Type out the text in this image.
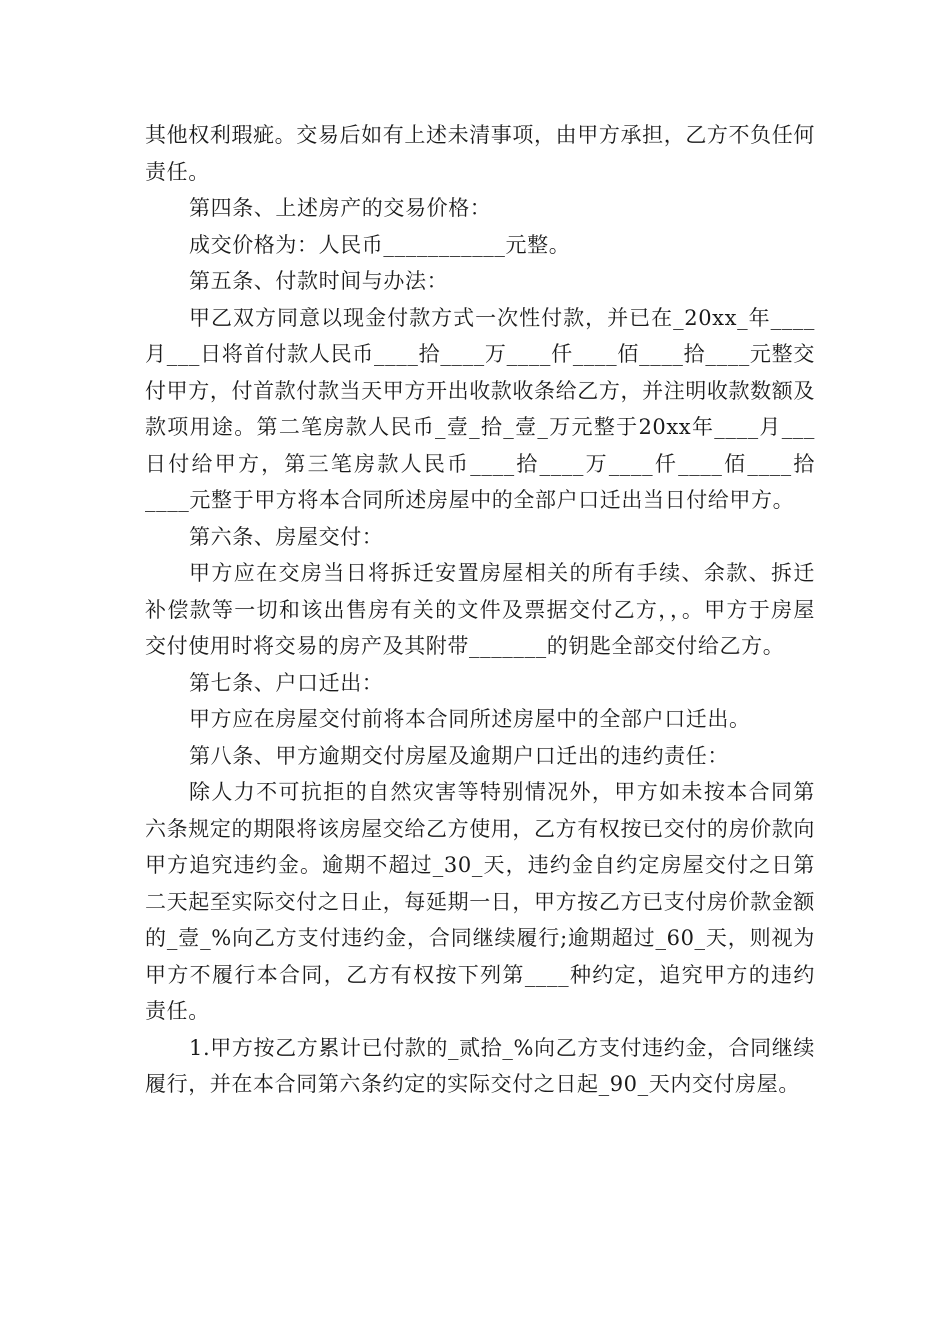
其他权利瑕疵。交易后如有上述未清事项，由甲方承担，乙方不负任何责任。

第四条、上述房产的交易价格：

成交价格为：人民币___________元整。

第五条、付款时间与办法：

甲乙双方同意以现金付款方式一次性付款，并已在_20xx_年____月___日将首付款人民币____拾____万____仟____佰____拾____元整交付甲方，付首款付款当天甲方开出收款收条给乙方，并注明收款数额及款项用途。第二笔房款人民币_壹_拾_壹_万元整于20xx年____月___日付给甲方，第三笔房款人民币____拾____万____仟____佰____拾____元整于甲方将本合同所述房屋中的全部户口迁出当日付给甲方。

第六条、房屋交付：

甲方应在交房当日将拆迁安置房屋相关的所有手续、余款、拆迁补偿款等一切和该出售房有关的文件及票据交付乙方，，。甲方于房屋交付使用时将交易的房产及其附带_______的钥匙全部交付给乙方。

第七条、户口迁出：

甲方应在房屋交付前将本合同所述房屋中的全部户口迁出。

第八条、甲方逾期交付房屋及逾期户口迁出的违约责任：

除人力不可抗拒的自然灾害等特别情况外，甲方如未按本合同第六条规定的期限将该房屋交给乙方使用，乙方有权按已交付的房价款向甲方追究违约金。逾期不超过_30_天，违约金自约定房屋交付之日第二天起至实际交付之日止，每延期一日，甲方按乙方已支付房价款金额的_壹_%向乙方支付违约金，合同继续履行;逾期超过_60_天，则视为甲方不履行本合同，乙方有权按下列第____种约定，追究甲方的违约责任。

1.甲方按乙方累计已付款的_贰拾_%向乙方支付违约金，合同继续履行，并在本合同第六条约定的实际交付之日起_90_天内交付房屋。
